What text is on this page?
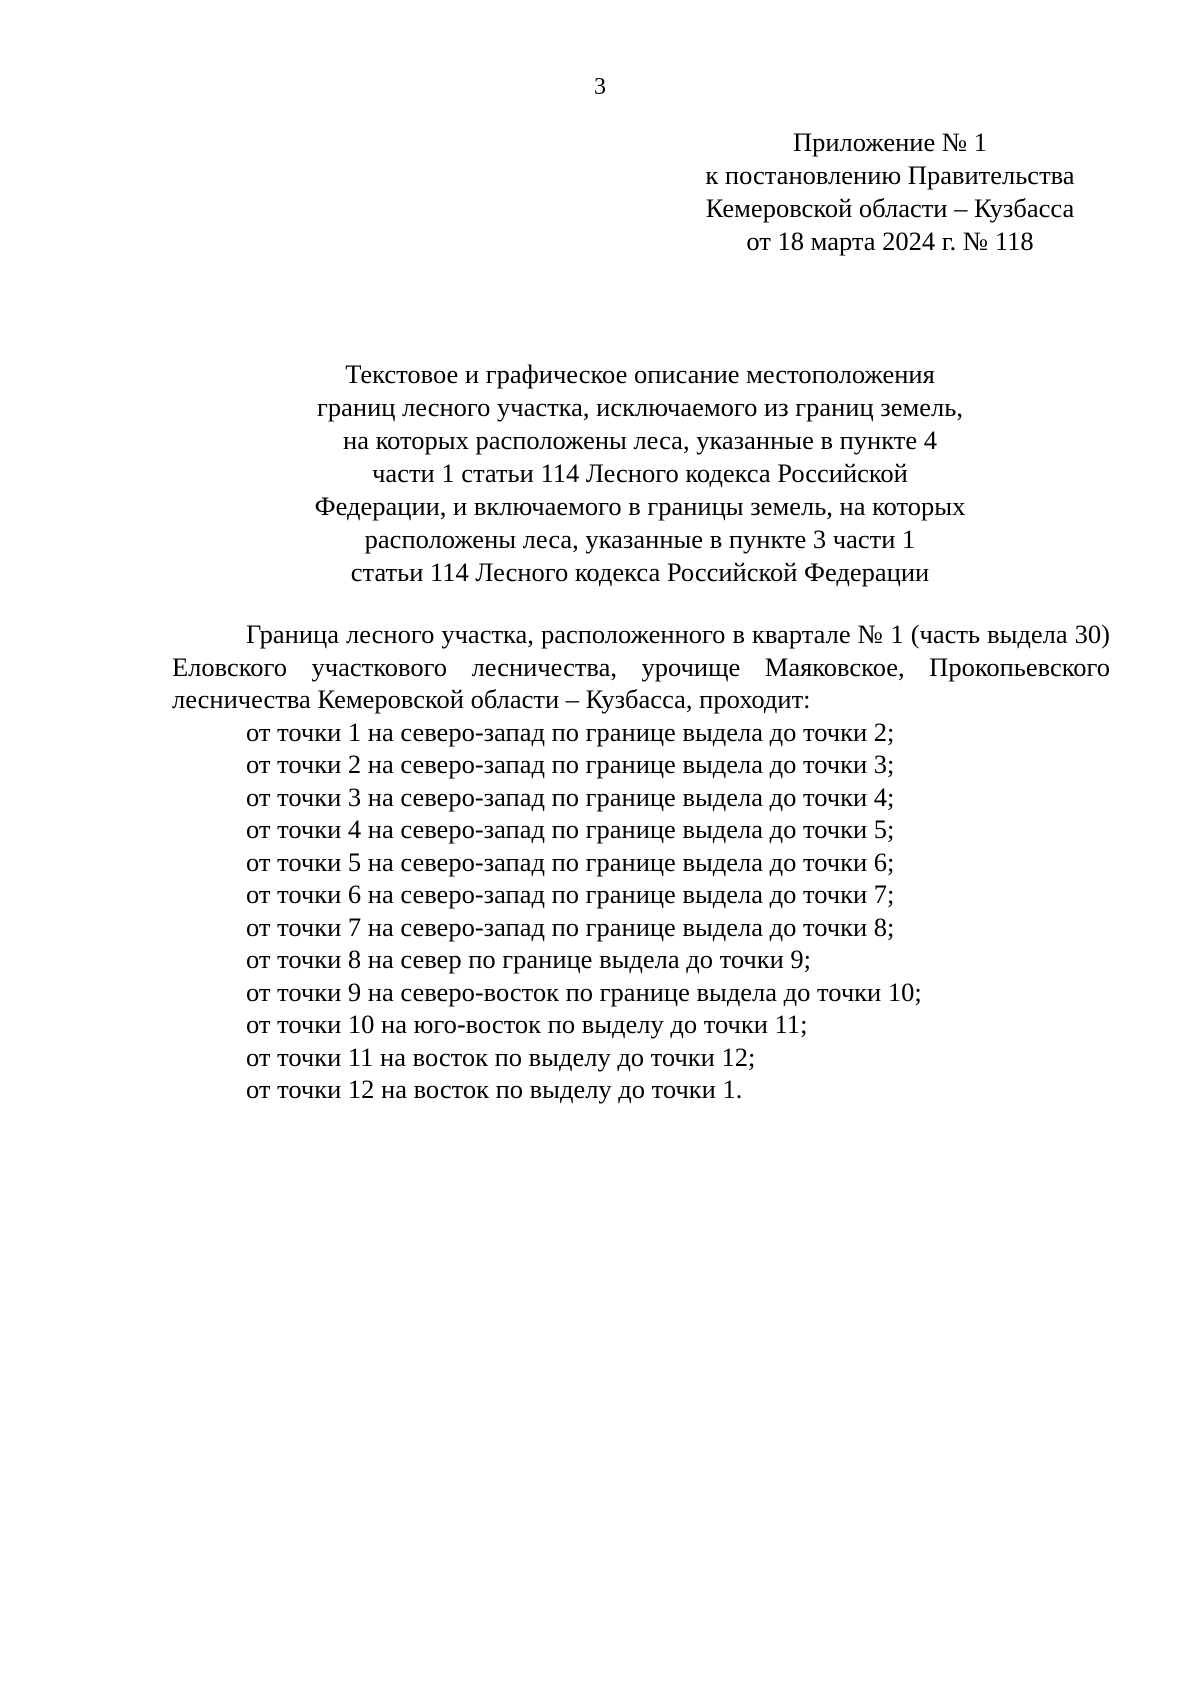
3
Приложение № 1
к постановлению Правительства
Кемеровской области – Кузбасса
от 18 марта 2024 г. № 118
Текстовое и графическое описание местоположения
границ лесного участка, исключаемого из границ земель,
на которых расположены леса, указанные в пункте 4
части 1 статьи 114 Лесного кодекса Российской
Федерации, и включаемого в границы земель, на которых
расположены леса, указанные в пункте 3 части 1
статьи 114 Лесного кодекса Российской Федерации
Граница лесного участка, расположенного в квартале № 1 (часть выдела 30) Еловского участкового лесничества, урочище Маяковское, Прокопьевского лесничества Кемеровской области – Кузбасса, проходит:
от точки 1 на северо-запад по границе выдела до точки 2;
от точки 2 на северо-запад по границе выдела до точки 3;
от точки 3 на северо-запад по границе выдела до точки 4;
от точки 4 на северо-запад по границе выдела до точки 5;
от точки 5 на северо-запад по границе выдела до точки 6;
от точки 6 на северо-запад по границе выдела до точки 7;
от точки 7 на северо-запад по границе выдела до точки 8;
от точки 8 на север по границе выдела до точки 9;
от точки 9 на северо-восток по границе выдела до точки 10;
от точки 10 на юго-восток по выделу до точки 11;
от точки 11 на восток по выделу до точки 12;
от точки 12 на восток по выделу до точки 1.
